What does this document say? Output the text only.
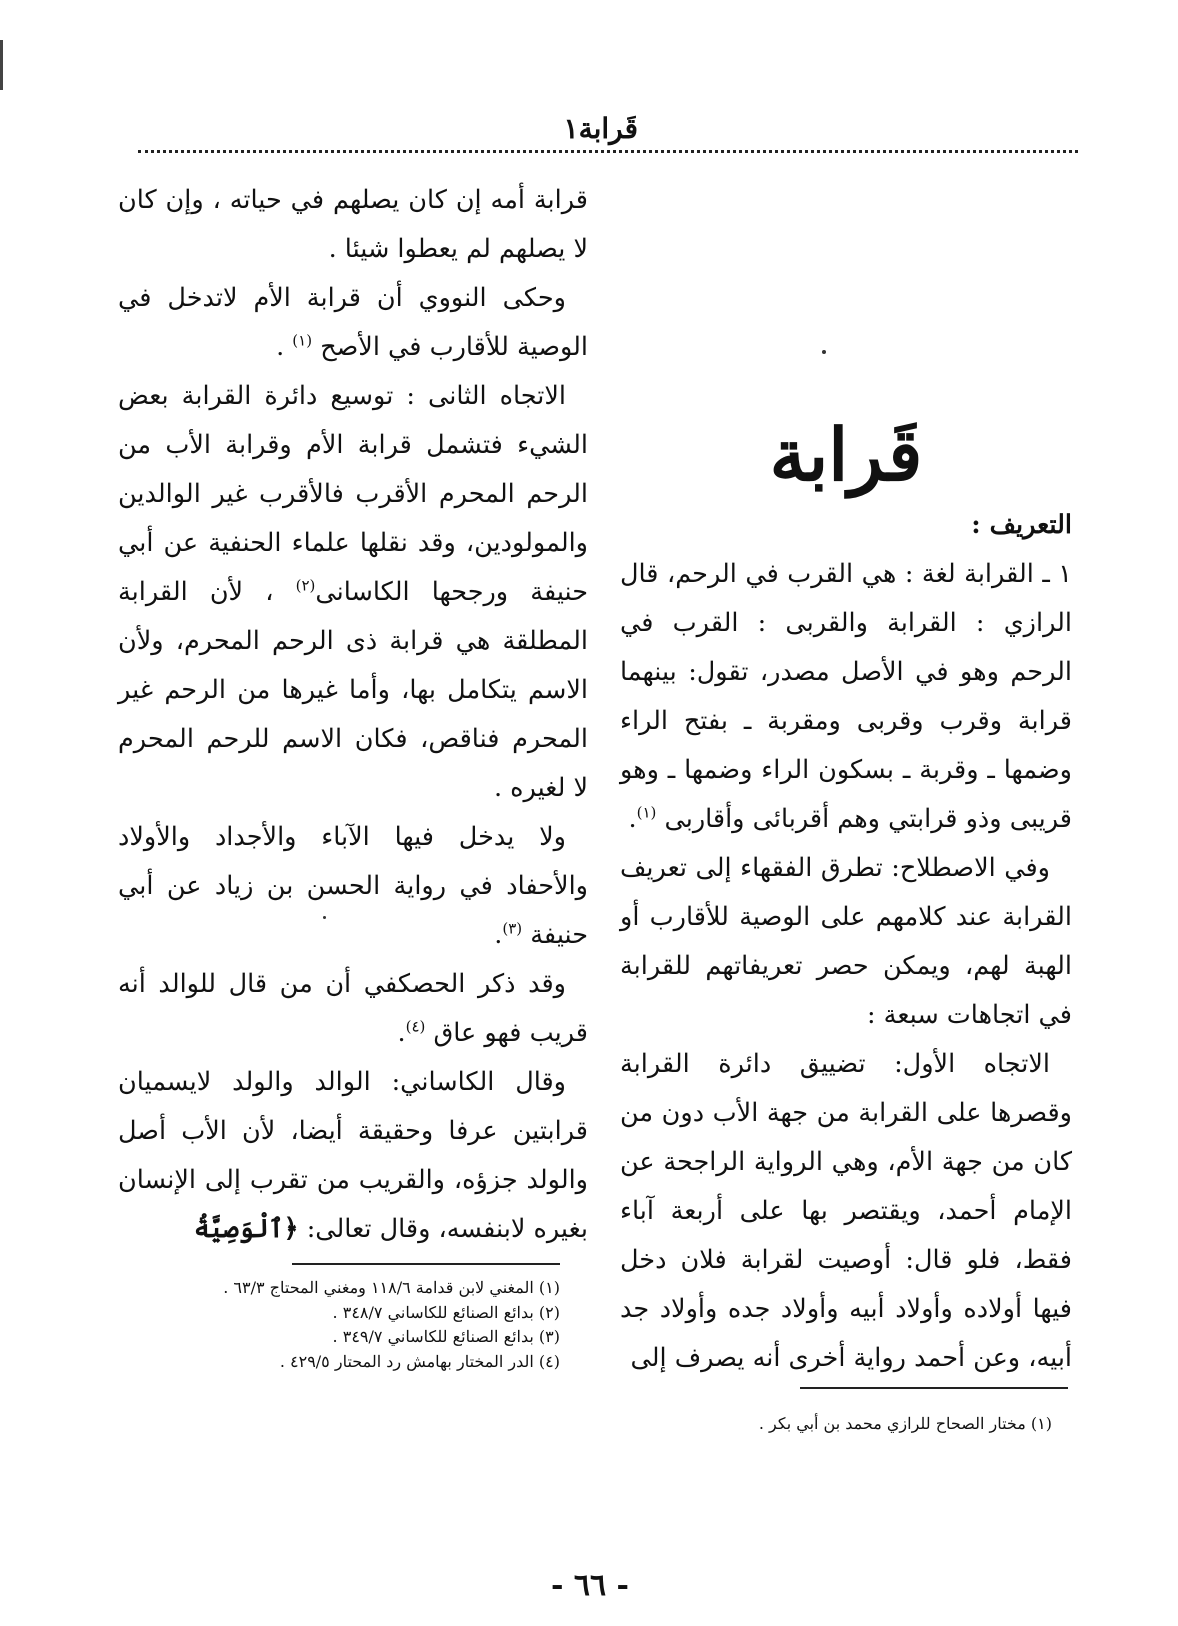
قَرابة١

قرابة أمه إن كان يصلهم في حياته ، وإن كان لا يصلهم لم يعطوا شيئا .

وحكى النووي أن قرابة الأم لاتدخل في الوصية للأقارب في الأصح $^{(١)}$ .

الاتجاه الثانى : توسيع دائرة القرابة بعض الشيء فتشمل قرابة الأم وقرابة الأب من الرحم المحرم الأقرب فالأقرب غير الوالدين والمولودين، وقد نقلها علماء الحنفية عن أبي حنيفة ورجحها الكاسانى$^{(٢)}$ ، لأن القرابة المطلقة هي قرابة ذى الرحم المحرم، ولأن الاسم يتكامل بها، وأما غيرها من الرحم غير المحرم فناقص، فكان الاسم للرحم المحرم لا لغيره .

ولا يدخل فيها الآباء والأجداد والأولاد والأحفاد في رواية الحسن بن زياد عن أبي حنيفة $^{(٣)}$.

وقد ذكر الحصكفي أن من قال للوالد أنه قريب فهو عاق $^{(٤)}$.

وقال الكاساني: الوالد والولد لايسميان قرابتين عرفا وحقيقة أيضا، لأن الأب أصل والولد جزؤه، والقريب من تقرب إلى الإنسان بغيره لابنفسه، وقال تعالى: ﴿ٱلْوَصِيَّةُ

قَرابة

التعريف :

١ ـ القرابة لغة : هي القرب في الرحم، قال الرازي : القرابة والقربى : القرب في الرحم وهو في الأصل مصدر، تقول: بينهما قرابة وقرب وقربى ومقربة ـ بفتح الراء وضمها ـ وقربة ـ بسكون الراء وضمها ـ وهو قريبى وذو قرابتي وهم أقربائى وأقاربى $^{(١)}$.

وفي الاصطلاح: تطرق الفقهاء إلى تعريف القرابة عند كلامهم على الوصية للأقارب أو الهبة لهم، ويمكن حصر تعريفاتهم للقرابة في اتجاهات سبعة :

الاتجاه الأول: تضييق دائرة القرابة وقصرها على القرابة من جهة الأب دون من كان من جهة الأم، وهي الرواية الراجحة عن الإمام أحمد، ويقتصر بها على أربعة آباء فقط، فلو قال: أوصيت لقرابة فلان دخل فيها أولاده وأولاد أبيه وأولاد جده وأولاد جد أبيه، وعن أحمد رواية أخرى أنه يصرف إلى

(١) المغني لابن قدامة ١١٨/٦ ومغني المحتاج ٦٣/٣ .

(٢) بدائع الصنائع للكاساني ٣٤٨/٧ .

(٣) بدائع الصنائع للكاساني ٣٤٩/٧ .

(٤) الدر المختار بهامش رد المحتار ٤٢٩/٥ .

(١) مختار الصحاح للرازي محمد بن أبي بكر .

- ٦٦ -
